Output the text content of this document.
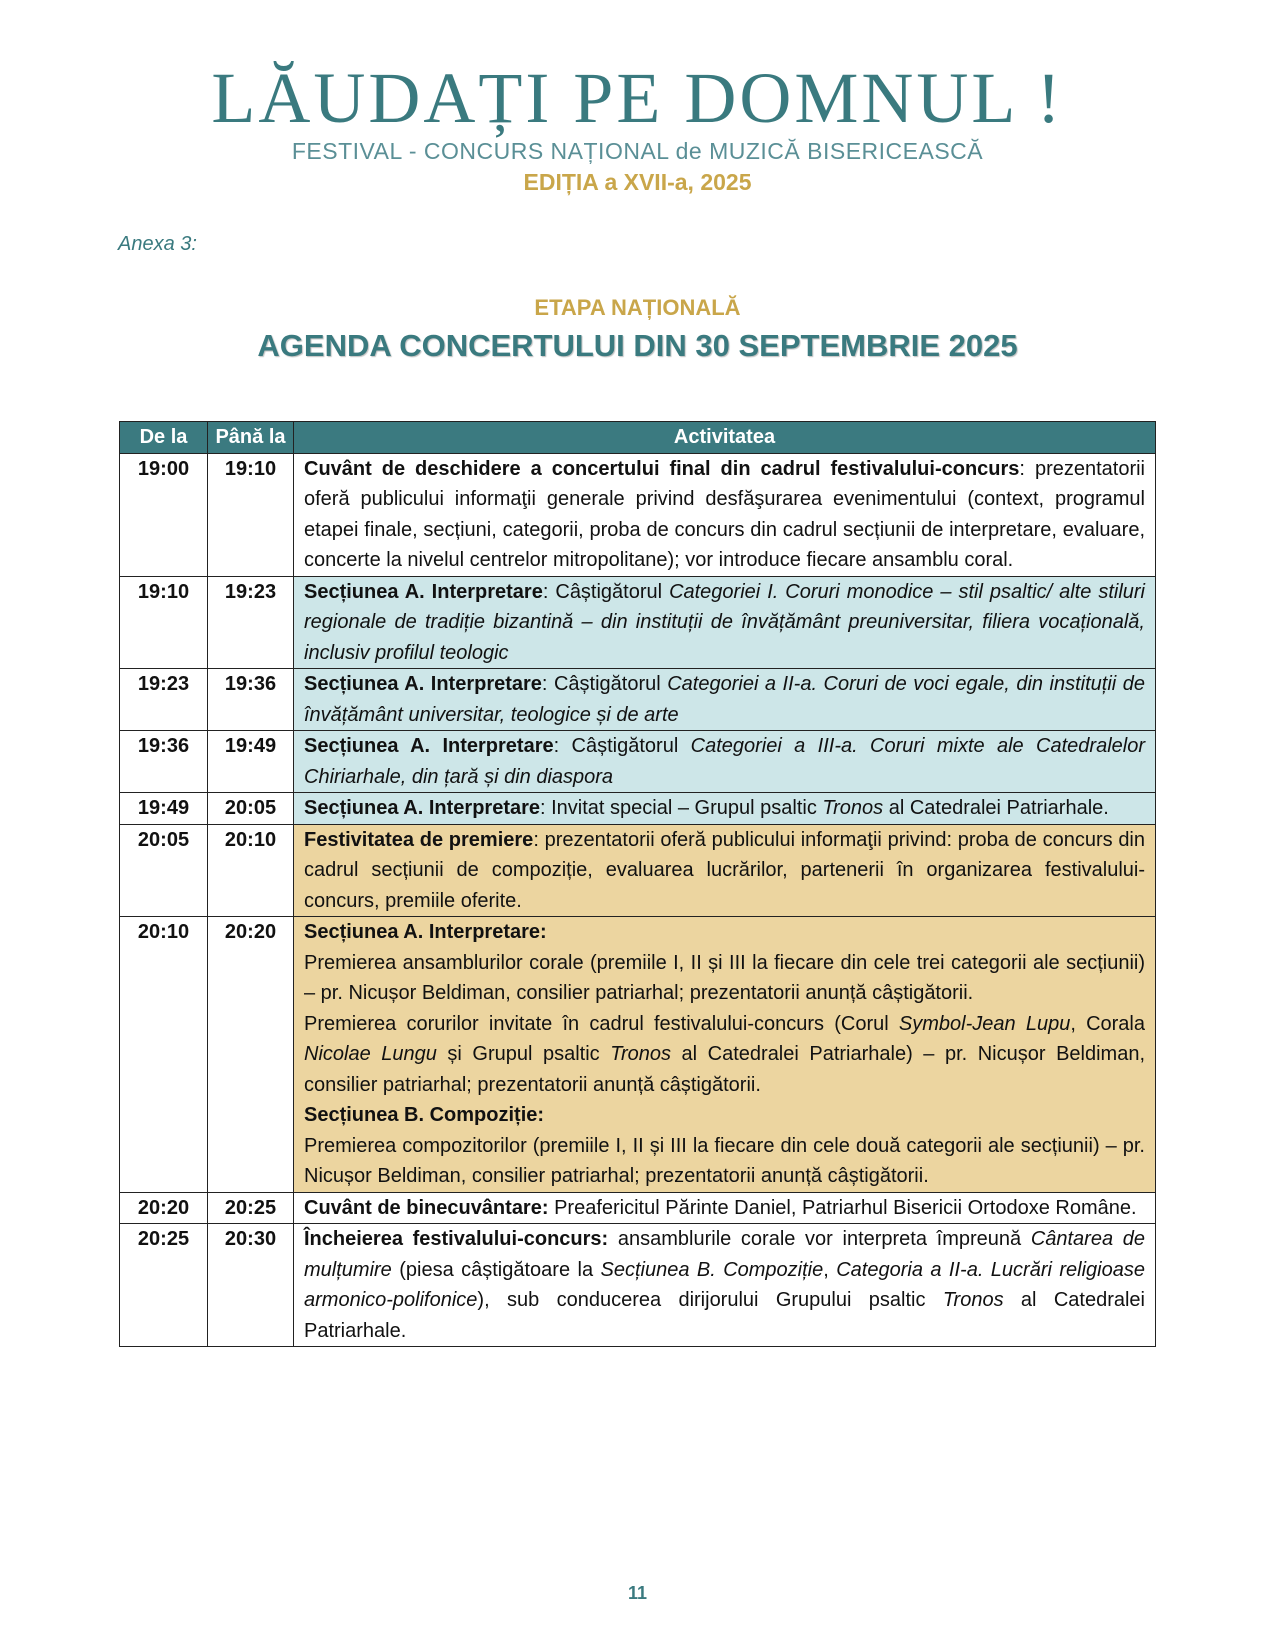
LĂUDAȚI PE DOMNUL !
FESTIVAL - CONCURS NAȚIONAL de MUZICĂ BISERICEASCĂ
EDIȚIA a XVII-a, 2025
Anexa 3:
ETAPA NAȚIONALĂ
AGENDA CONCERTULUI DIN 30 SEPTEMBRIE 2025
De la	Până la	Activitatea
19:00	19:10	Cuvânt de deschidere a concertului final din cadrul festivalului-concurs: prezentatorii oferă publicului informaţii generale privind desfăşurarea evenimentului (context, programul etapei finale, secțiuni, categorii, proba de concurs din cadrul secțiunii de interpretare, evaluare, concerte la nivelul centrelor mitropolitane); vor introduce fiecare ansamblu coral.
19:10	19:23	Secțiunea A. Interpretare: Câștigătorul Categoriei I. Coruri monodice – stil psaltic/ alte stiluri regionale de tradiție bizantină – din instituții de învățământ preuniversitar, filiera vocațională, inclusiv profilul teologic
19:23	19:36	Secțiunea A. Interpretare: Câștigătorul Categoriei a II-a. Coruri de voci egale, din instituții de învățământ universitar, teologice și de arte
19:36	19:49	Secțiunea A. Interpretare: Câștigătorul Categoriei a III-a. Coruri mixte ale Catedralelor Chiriarhale, din țară și din diaspora
19:49	20:05	Secțiunea A. Interpretare: Invitat special – Grupul psaltic Tronos al Catedralei Patriarhale.
20:05	20:10	Festivitatea de premiere: prezentatorii oferă publicului informaţii privind: proba de concurs din cadrul secțiunii de compoziție, evaluarea lucrărilor, partenerii în organizarea festivalului-concurs, premiile oferite.
20:10	20:20	Secțiunea A. Interpretare:
Premierea ansamblurilor corale (premiile I, II și III la fiecare din cele trei categorii ale secțiunii) – pr. Nicușor Beldiman, consilier patriarhal; prezentatorii anunță câștigătorii.
Premierea corurilor invitate în cadrul festivalului-concurs (Corul Symbol-Jean Lupu, Corala Nicolae Lungu și Grupul psaltic Tronos al Catedralei Patriarhale) – pr. Nicușor Beldiman, consilier patriarhal; prezentatorii anunță câștigătorii.
Secțiunea B. Compoziție:
Premierea compozitorilor (premiile I, II și III la fiecare din cele două categorii ale secțiunii) – pr. Nicușor Beldiman, consilier patriarhal; prezentatorii anunță câștigătorii.

20:20	20:25	Cuvânt de binecuvântare: Preafericitul Părinte Daniel, Patriarhul Bisericii Ortodoxe Române.
20:25	20:30	Încheierea festivalului-concurs: ansamblurile corale vor interpreta împreună Cântarea de mulțumire (piesa câștigătoare la Secțiunea B. Compoziție, Categoria a II-a. Lucrări religioase armonico-polifonice), sub conducerea dirijorului Grupului psaltic Tronos al Catedralei Patriarhale.
11
